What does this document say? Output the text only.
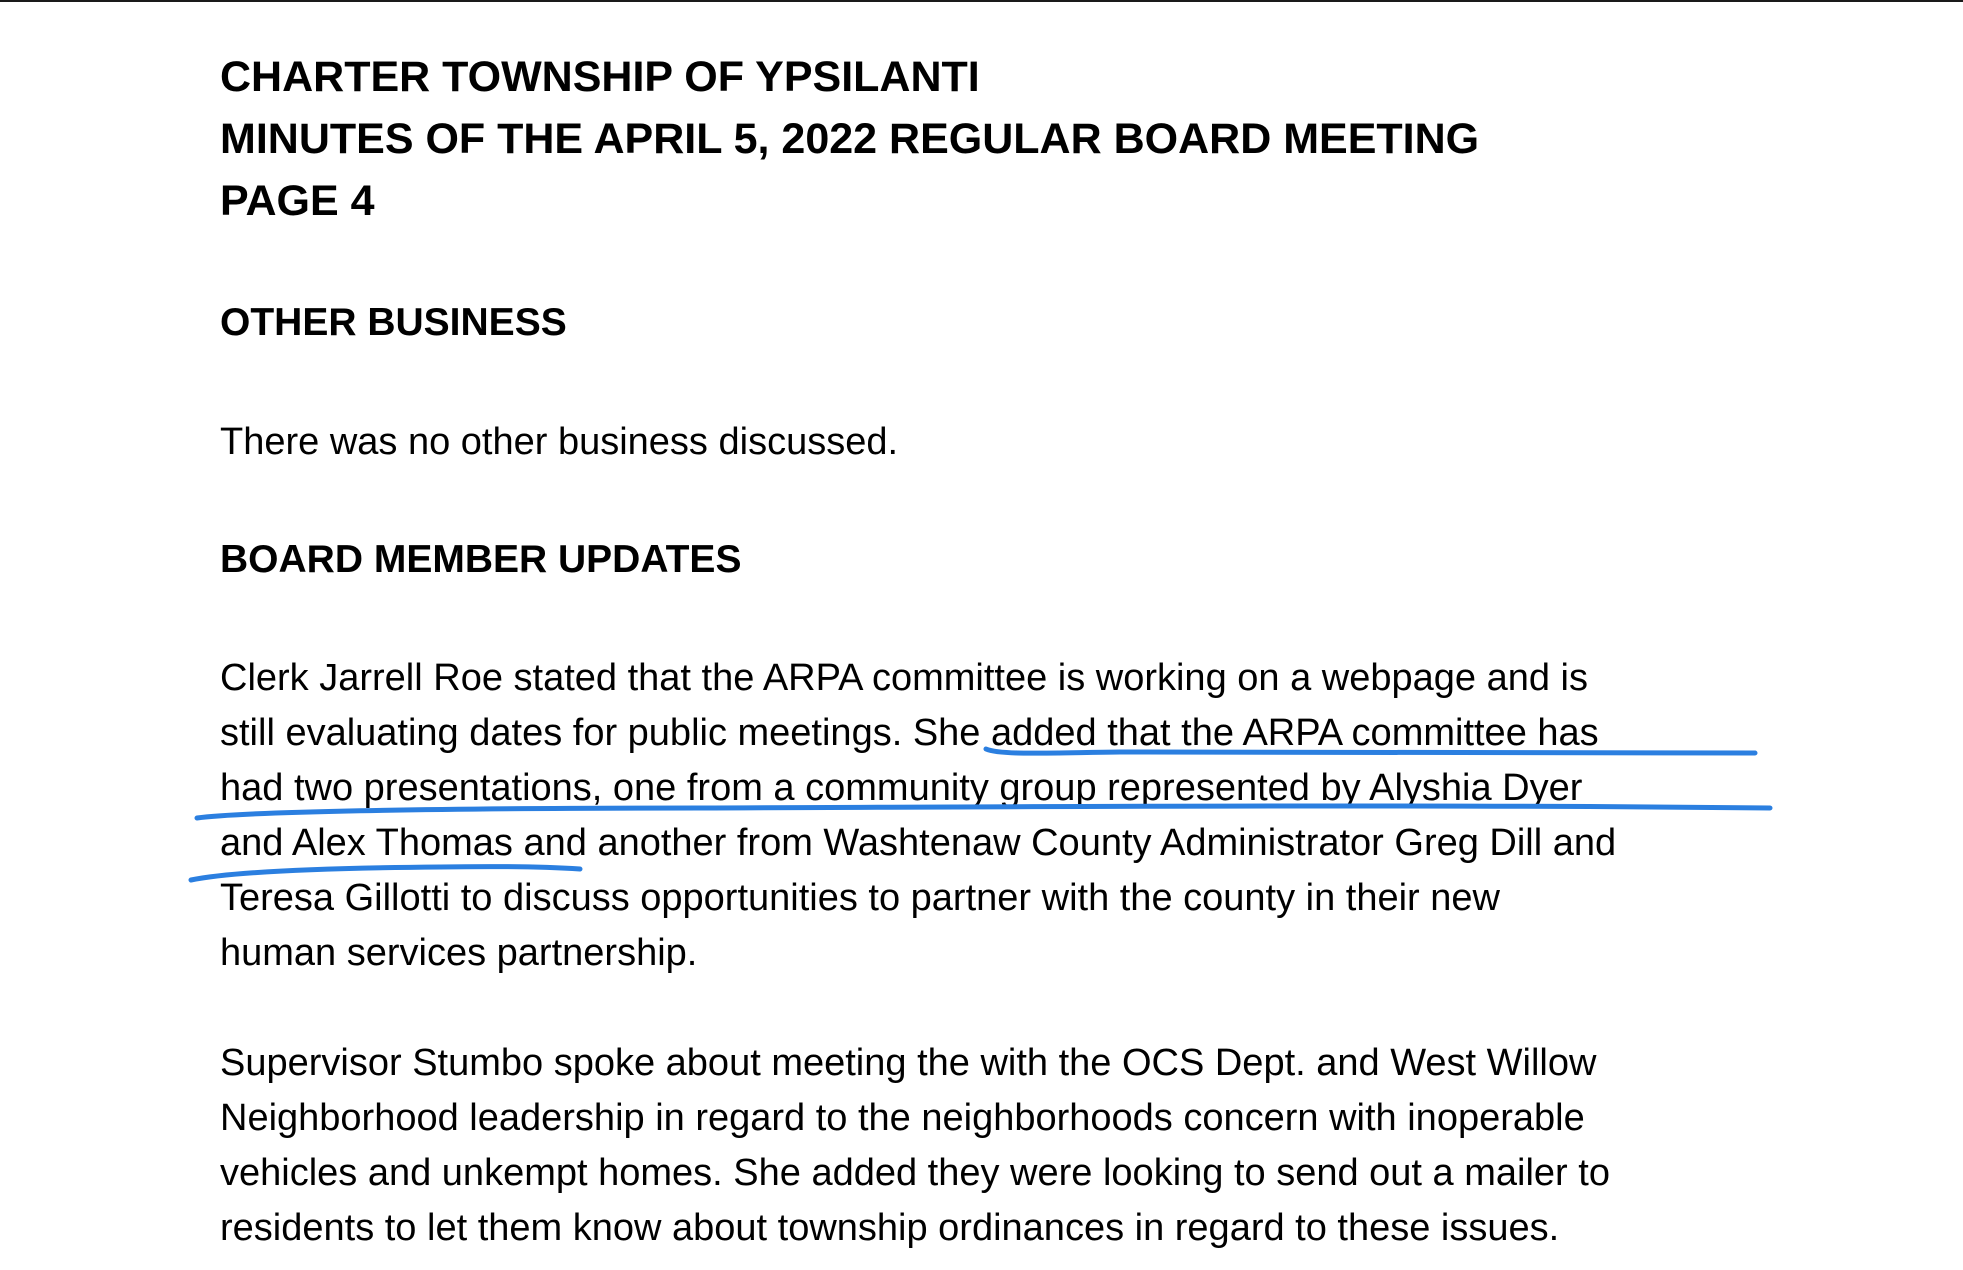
CHARTER TOWNSHIP OF YPSILANTI
MINUTES OF THE APRIL 5, 2022 REGULAR BOARD MEETING
PAGE 4
OTHER BUSINESS
There was no other business discussed.
BOARD MEMBER UPDATES
Clerk Jarrell Roe stated that the ARPA committee is working on a webpage and is
still evaluating dates for public meetings. She added that the ARPA committee has
had two presentations, one from a community group represented by Alyshia Dyer
and Alex Thomas and another from Washtenaw County Administrator Greg Dill and
Teresa Gillotti to discuss opportunities to partner with the county in their new
human services partnership.
Supervisor Stumbo spoke about meeting the with the OCS Dept. and West Willow
Neighborhood leadership in regard to the neighborhoods concern with inoperable
vehicles and unkempt homes. She added they were looking to send out a mailer to
residents to let them know about township ordinances in regard to these issues.
